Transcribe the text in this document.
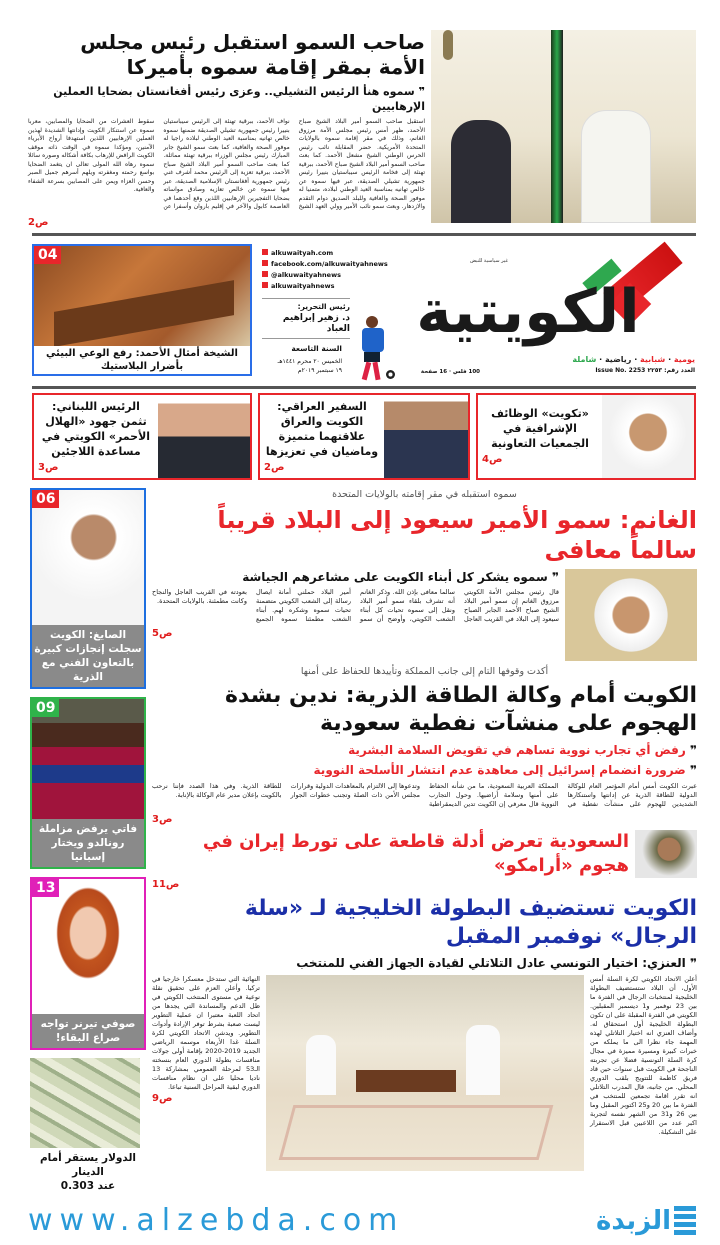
صاحب السمو استقبل رئيس مجلس الأمة بمقر إقامة سموه بأميركا
❞ سموه هنأ الرئيس التشيلي.. وعزى رئيس أفغانستان بضحايا العملين الإرهابيين
استقبل صاحب السمو أمير البلاد الشيخ صباح الأحمد، ظهر أمس رئيس مجلس الأمة مرزوق الغانم، وذلك في مقر إقامة سموه بالولايات المتحدة الأمريكية. حضر المقابلة نائب رئيس الحرس الوطني الشيخ مشعل الأحمد. كما بعث صاحب السمو أمير البلاد الشيخ صباح الأحمد، ببرقية تهنئة إلى فخامة الرئيس سيباستيان بنييرا رئيس جمهورية تشيلي الصديقة، عبر فيها سموه عن خالص تهانيه بمناسبة العيد الوطني لبلاده، متمنيا له موفور الصحة والعافية وللبلد الصديق دوام التقدم والازدهار. وبعث سمو نائب الأمير وولي العهد الشيخ نواف الأحمد، ببرقية تهنئة إلى الرئيس سيباستيان بنييرا رئيس جمهورية تشيلي الصديقة ضمنها سموه خالص تهانيه بمناسبة العيد الوطني لبلاده راجيا له موفور الصحة والعافية، كما بعث سمو الشيخ جابر المبارك رئيس مجلس الوزراء ببرقية تهنئة مماثلة. كما بعث صاحب السمو أمير البلاد الشيخ صباح الأحمد، ببرقية تعزية إلى الرئيس محمد أشرف غني رئيس جمهورية أفغانستان الإسلامية الصديقة، عبر فيها سموه عن خالص تعازيه وصادق مواساته بضحايا التفجيرين الإرهابيين اللذين وقع أحدهما في العاصمة كابول والآخر في إقليم باروان وأسفرا عن سقوط العشرات من الضحايا والمصابين، معربا سموه عن استنكار الكويت وإدانتها الشديدة لهذين العملين الإرهابيين اللذين استهدفا أرواح الأبرياء الآمنين، ومؤكدا سموه في الوقت ذاته موقف الكويت الرافض للإرهاب بكافة أشكاله وصوره سائلا سموه رهاه الله المولى تعالى ان يتغمد الضحايا بواسع رحمته ومغفرته ويلهم أسرهم جميل الصبر وحسن العزاء ويمن على المصابين بسرعة الشفاء والعافية.
ص2
04
الشيخة أمثال الأحمد: رفع الوعي البيئي بأضرار البلاستيك
alkuwaityah.com
facebook.com/alkuwaityahnews
@alkuwaityahnews
alkuwaityahnews
رئيس التحرير:
د. زهير إبراهيم العباد
السنة التاسعة
الخميس ٢٠ محرم ١٤٤١هـ
١٩ سبتمبر ٢٠١٩م
غير سياسية للنبض
الكويتية
يومية · شبابية · رياضية · شاملة
العدد رقم: ٢٢٥٣ Issue No. 2253
100 فلس · 16 صفحة
الرئيس اللبناني: تثمن جهود «الهلال الأحمر» الكويتي في مساعدة اللاجئين
ص3
السفير العراقي: الكويت والعراق علاقتهما متميزة وماضيان في تعزيزها
ص2
«تكويت» الوظائف الإشرافية في الجمعيات التعاونية
ص4
06
الصايغ: الكويت سجلت إنجازات كبيرة بالتعاون الفني مع الذرية
09
فاتي يرفض مزاملة رونالدو ويختار إسبانيا
13
صوفي تيرنر تواجه صراع البقاء!
الدولار يستقر أمام الدينار
عند 0.303
سموه استقبله في مقر إقامته بالولايات المتحدة
الغانم: سمو الأمير سيعود إلى البلاد قريباً سالماً معافى
❞ سموه يشكر كل أبناء الكويت على مشاعرهم الجياشة
قال رئيس مجلس الأمة الكويتي مرزوق الغانم إن سمو أمير البلاد الشيخ صباح الأحمد الجابر الصباح سيعود إلى البلاد في القريب العاجل سالما معافى بإذن الله. وذكر الغانم أنه تشرف بلقاء سمو أمير البلاد ونقل إلى سموه تحيات كل أبناء الشعب الكويتي، وأوضح أن سمو أمير البلاد حملني أمانة ايصال رسالة إلى الشعب الكويتي متضمنة تحيات سموه وشكره لهم. أبناء الشعب مطمئنا سموه الجميع بعودته في القريب العاجل والنجاح وكانت مطمئنة. بالولايات المتحدة.
ص5
أكدت وقوفها التام إلى جانب المملكة وتأييدها للحفاظ على أمنها
الكويت أمام وكالة الطاقة الذرية: ندين بشدة الهجوم على منشآت نفطية سعودية
❞ رفض أي تجارب نووية تساهم في تقويض السلامة البشرية
❞ ضرورة انضمام إسرائيل إلى معاهدة عدم انتشار الأسلحة النووية
عبرت الكويت أمس أمام المؤتمر العام للوكالة الدولية للطاقة الذرية عن إدانتها واستنكارها الشديدين للهجوم على منشآت نفطية في المملكة العربية السعودية، ما من شأنه الحفاظ على أمنها وسلامة أراضيها. وحول التجارب النووية قال معرفي إن الكويت تدين الديمقراطية وتدعوها إلى الالتزام بالمعاهدات الدولية وقرارات مجلس الأمن ذات الصلة وتجنب خطوات الجوار للطاقة الذرية. وفي هذا الصدد فإننا نرحب بالكويت بإعلان مدير عام الوكالة بالإنابة.
ص3
السعودية تعرض أدلة قاطعة على تورط إيران في هجوم «أرامكو»
ص11
الكويت تستضيف البطولة الخليجية لـ «سلة الرجال» نوفمبر المقبل
❞ العنزي: اختيار التونسي عادل التلاتلي لقيادة الجهاز الفني للمنتخب
النهائية التي ستدخل معسكرا خارجيا في تركيا. وأعلن العزم على تحقيق نقلة نوعية في مستوى المنتخب الكويتي في ظل الدعم والمساندة التي يجدها من اتحاد اللعبة معتبرا ان عملية التطوير ليست صعبة بشرط توفر الإرادة وأدوات التطوير. ويدشن الاتحاد الكويتي لكرة السلة غدا الأربعاء موسمه الرياضي الجديد 2019-2020 بإقامة أولى جولات منافسات بطولة الدوري العام بنسخته الـ53 لمرحلة العمومي بمشاركة 13 ناديا محليا على ان نظام منافسات الدوري لبقية المراحل السنية تباعا.
ص9
أعلن الاتحاد الكويتي لكرة السلة أمس الأول، أن البلاد ستستضيف البطولة الخليجية لمنتخبات الرجال في الفترة ما بين 23 نوفمبر و1 ديسمبر المقبلين. الكويتي في الفترة المقبلة على ان تكون البطولة الخليجية أول استحقاق له. وأضاف العنزي انه اختيار التلاتلي لهذه المهمة جاء نظرا الى ما يملكه من خبرات كبيرة ومسيرة مميزة في مجال كرة السلة التونسية فضلا عن تجربته الناجحة في الكويت قبل سنوات حين قاد فريق كاظمة للتتويج بلقب الدوري المحلي. من جانبه، قال المدرب التلاتلي انه تقرر اقامة تجمعين للمنتخب في الفترة ما بين 20 و25 اكتوبر المقبل وما بين 26 و31 من الشهر نفسه لتجربة اكبر عدد من اللاعبين قبل الاستقرار على التشكيلة.
www.alzebda.com	الزبدة
